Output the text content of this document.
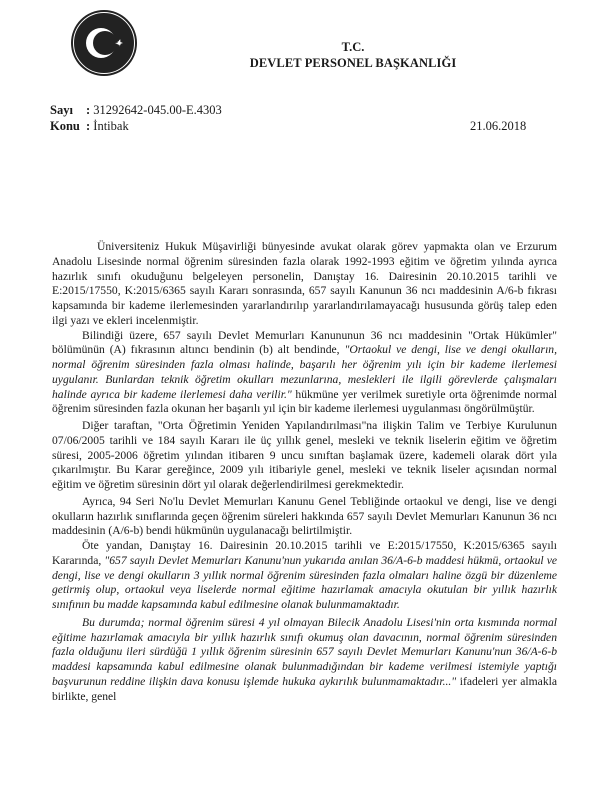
T.C.
DEVLET PERSONEL BAŞKANLIĞI
Sayı : 31292642-045.00-E.4303
Konu : İntibak	21.06.2018

Üniversiteniz Hukuk Müşavirliği bünyesinde avukat olarak görev yapmakta olan ve Erzurum Anadolu Lisesinde normal öğrenim süresinden fazla olarak 1992-1993 eğitim ve öğretim yılında ayrıca hazırlık sınıfı okuduğunu belgeleyen personelin, Danıştay 16. Dairesinin 20.10.2015 tarihli ve E:2015/17550, K:2015/6365 sayılı Kararı sonrasında, 657 sayılı Kanunun 36 ncı maddesinin A/6-b fıkrası kapsamında bir kademe ilerlemesinden yararlandırılıp yararlandırılamayacağı hususunda görüş talep eden ilgi yazı ve ekleri incelenmiştir.

Bilindiği üzere, 657 sayılı Devlet Memurları Kanununun 36 ncı maddesinin "Ortak Hükümler" bölümünün (A) fıkrasının altıncı bendinin (b) alt bendinde, "Ortaokul ve dengi, lise ve dengi okulların, normal öğrenim süresinden fazla olması halinde, başarılı her öğrenim yılı için bir kademe ilerlemesi uygulanır. Bunlardan teknik öğretim okulları mezunlarına, meslekleri ile ilgili görevlerde çalışmaları halinde ayrıca bir kademe ilerlemesi daha verilir." hükmüne yer verilmek suretiyle orta öğrenimde normal öğrenim süresinden fazla okunan her başarılı yıl için bir kademe ilerlemesi uygulanması öngörülmüştür.

Diğer taraftan, "Orta Öğretimin Yeniden Yapılandırılması"na ilişkin Talim ve Terbiye Kurulunun 07/06/2005 tarihli ve 184 sayılı Kararı ile üç yıllık genel, mesleki ve teknik liselerin eğitim ve öğretim süresi, 2005-2006 öğretim yılından itibaren 9 uncu sınıftan başlamak üzere, kademeli olarak dört yıla çıkarılmıştır. Bu Karar gereğince, 2009 yılı itibariyle genel, mesleki ve teknik liseler açısından normal eğitim ve öğretim süresinin dört yıl olarak değerlendirilmesi gerekmektedir.

Ayrıca, 94 Seri No'lu Devlet Memurları Kanunu Genel Tebliğinde ortaokul ve dengi, lise ve dengi okulların hazırlık sınıflarında geçen öğrenim süreleri hakkında 657 sayılı Devlet Memurları Kanunun 36 ncı maddesinin (A/6-b) bendi hükmünün uygulanacağı belirtilmiştir.

Öte yandan, Danıştay 16. Dairesinin 20.10.2015 tarihli ve E:2015/17550, K:2015/6365 sayılı Kararında, "657 sayılı Devlet Memurları Kanunu'nun yukarıda anılan 36/A-6-b maddesi hükmü, ortaokul ve dengi, lise ve dengi okulların 3 yıllık normal öğrenim süresinden fazla olmaları haline özgü bir düzenleme getirmiş olup, ortaokul veya liselerde normal eğitime hazırlamak amacıyla okutulan bir yıllık hazırlık sınıfının bu madde kapsamında kabul edilmesine olanak bulunmamaktadır.

Bu durumda; normal öğrenim süresi 4 yıl olmayan Bilecik Anadolu Lisesi'nin orta kısmında normal eğitime hazırlamak amacıyla bir yıllık hazırlık sınıfı okumuş olan davacının, normal öğrenim süresinden fazla olduğunu ileri sürdüğü 1 yıllık öğrenim süresinin 657 sayılı Devlet Memurları Kanunu'nun 36/A-6-b maddesi kapsamında kabul edilmesine olanak bulunmadığından bir kademe verilmesi istemiyle yaptığı başvurunun reddine ilişkin dava konusu işlemde hukuka aykırılık bulunmamaktadır..." ifadeleri yer almakla birlikte, genel
